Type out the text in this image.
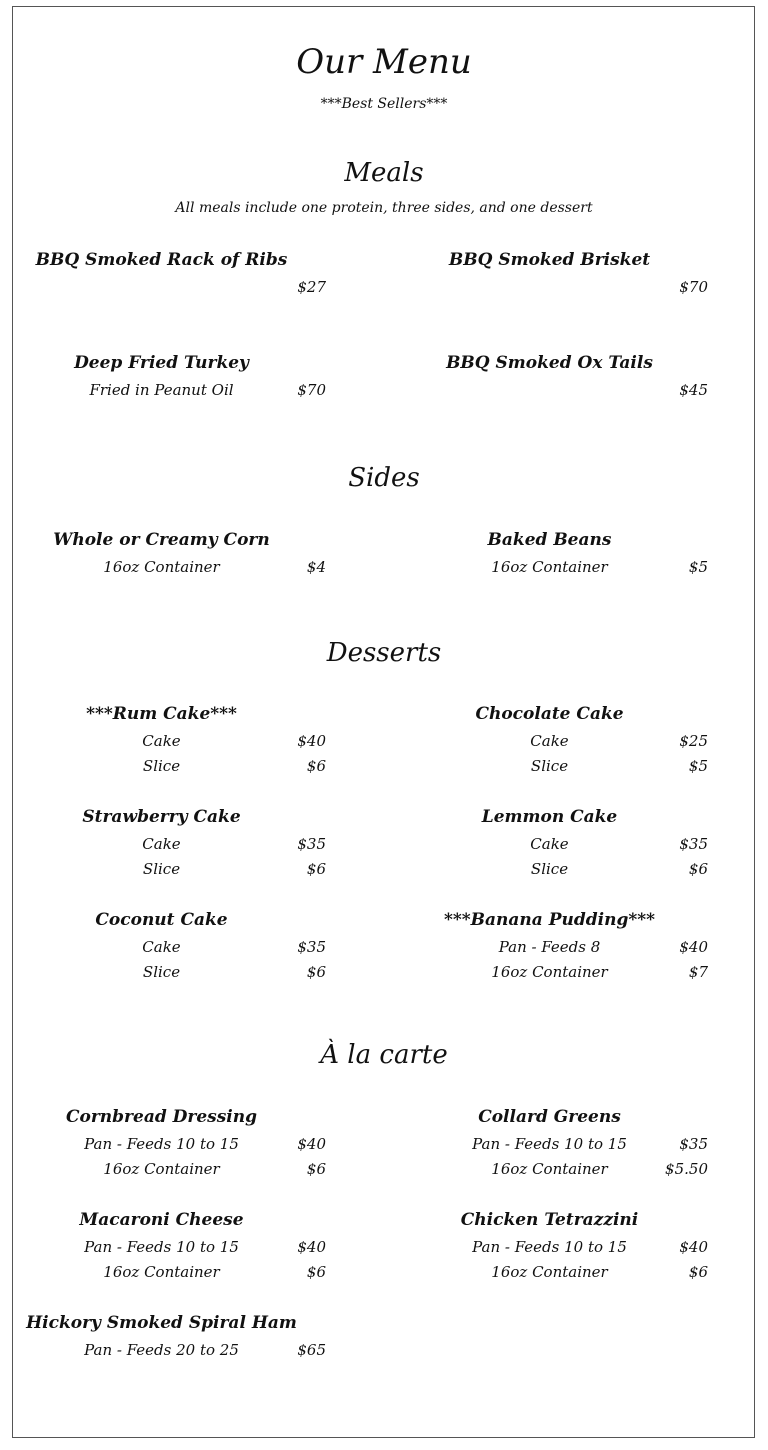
Our Menu
***Best Sellers***
Meals
All meals include one protein, three sides, and one dessert
BBQ Smoked Rack of Ribs
$27
BBQ Smoked Brisket
$70
Deep Fried Turkey
Fried in Peanut Oil	$70
BBQ Smoked Ox Tails
$45
Sides
Whole or Creamy Corn
16oz Container	$4
Baked Beans
16oz Container	$5
Desserts
***Rum Cake***
Cake	$40
Slice	$6
Chocolate Cake
Cake	$25
Slice	$5
Strawberry Cake
Cake	$35
Slice	$6
Lemmon Cake
Cake	$35
Slice	$6
Coconut Cake
Cake	$35
Slice	$6
***Banana Pudding***
Pan - Feeds 8	$40
16oz Container	$7
À la carte
Cornbread Dressing
Pan - Feeds 10 to 15	$40
16oz Container	$6
Collard Greens
Pan - Feeds 10 to 15	$35
16oz Container	$5.50
Macaroni Cheese
Pan - Feeds 10 to 15	$40
16oz Container	$6
Chicken Tetrazzini
Pan - Feeds 10 to 15	$40
16oz Container	$6
Hickory Smoked Spiral Ham
Pan - Feeds 20 to 25	$65
